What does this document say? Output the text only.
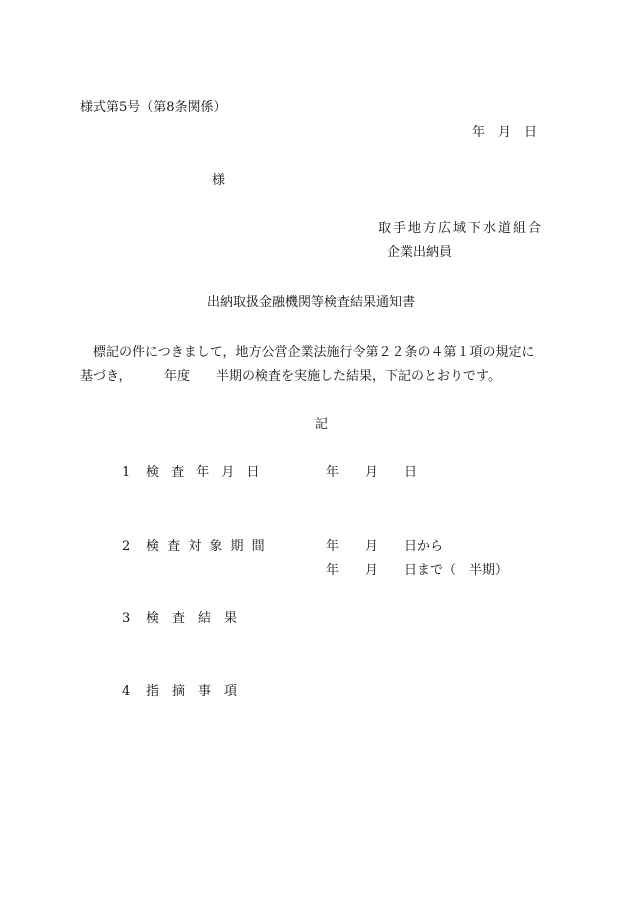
様式第5号（第8条関係）
年　月　日
様
取手地方広域下水道組合
企業出納員
出納取扱金融機関等検査結果通知書
　標記の件につきまして，地方公営企業法施行令第２２条の４第１項の規定に
基づき，　　　年度　　半期の検査を実施した結果，下記のとおりです。
記
1 検 査 年 月 日	年　　月　　日
2 検 査 対 象 期 間	年　　月　　日から
年　　月　　日まで（　半期）
3 検　査　結　果
4 指　摘　事　項
